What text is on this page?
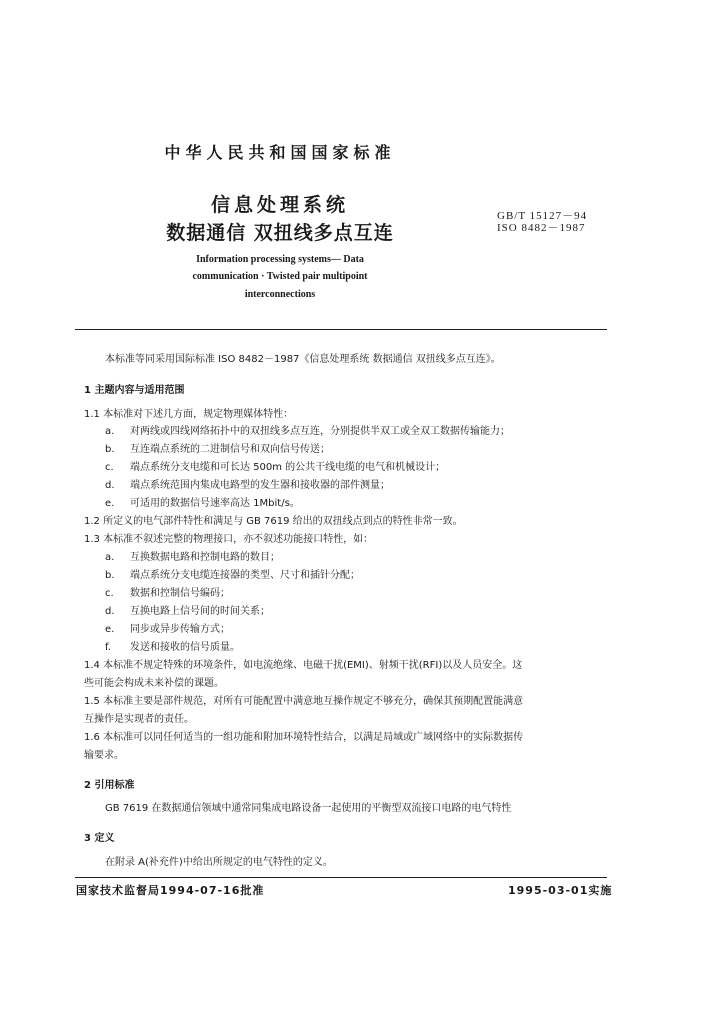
中华人民共和国国家标准
信息处理系统
数据通信 双扭线多点互连
GB/T 15127－94
ISO 8482－1987
Information processing systems— Data
communication · Twisted pair multipoint
interconnections
本标准等同采用国际标准 ISO 8482－1987《信息处理系统 数据通信 双扭线多点互连》。
1 主题内容与适用范围
1.1 本标准对下述几方面，规定物理媒体特性：
a. 对两线或四线网络拓扑中的双扭线多点互连，分别提供半双工或全双工数据传输能力；
b. 互连端点系统的二进制信号和双向信号传送；
c. 端点系统分支电缆和可长达 500m 的公共干线电缆的电气和机械设计；
d. 端点系统范围内集成电路型的发生器和接收器的部件测量；
e. 可适用的数据信号速率高达 1Mbit/s。
1.2 所定义的电气部件特性和满足与 GB 7619 给出的双扭线点到点的特性非常一致。
1.3 本标准不叙述完整的物理接口，亦不叙述功能接口特性，如：
a. 互换数据电路和控制电路的数目；
b. 端点系统分支电缆连接器的类型、尺寸和插针分配；
c. 数据和控制信号编码；
d. 互换电路上信号间的时间关系；
e. 同步或异步传输方式；
f. 发送和接收的信号质量。
1.4 本标准不规定特殊的环境条件，如电流绝缘、电磁干扰(EMI)、射频干扰(RFI)以及人员安全。这
些可能会构成未来补偿的课题。
1.5 本标准主要是部件规范，对所有可能配置中满意地互操作规定不够充分，确保其预期配置能满意
互操作是实现者的责任。
1.6 本标准可以同任何适当的一组功能和附加环境特性结合，以满足局域或广域网络中的实际数据传
输要求。
2 引用标准
GB 7619 在数据通信领域中通常同集成电路设备一起使用的平衡型双流接口电路的电气特性
3 定义
在附录 A(补充件)中给出所规定的电气特性的定义。
国家技术监督局1994-07-16批准	1995-03-01实施
